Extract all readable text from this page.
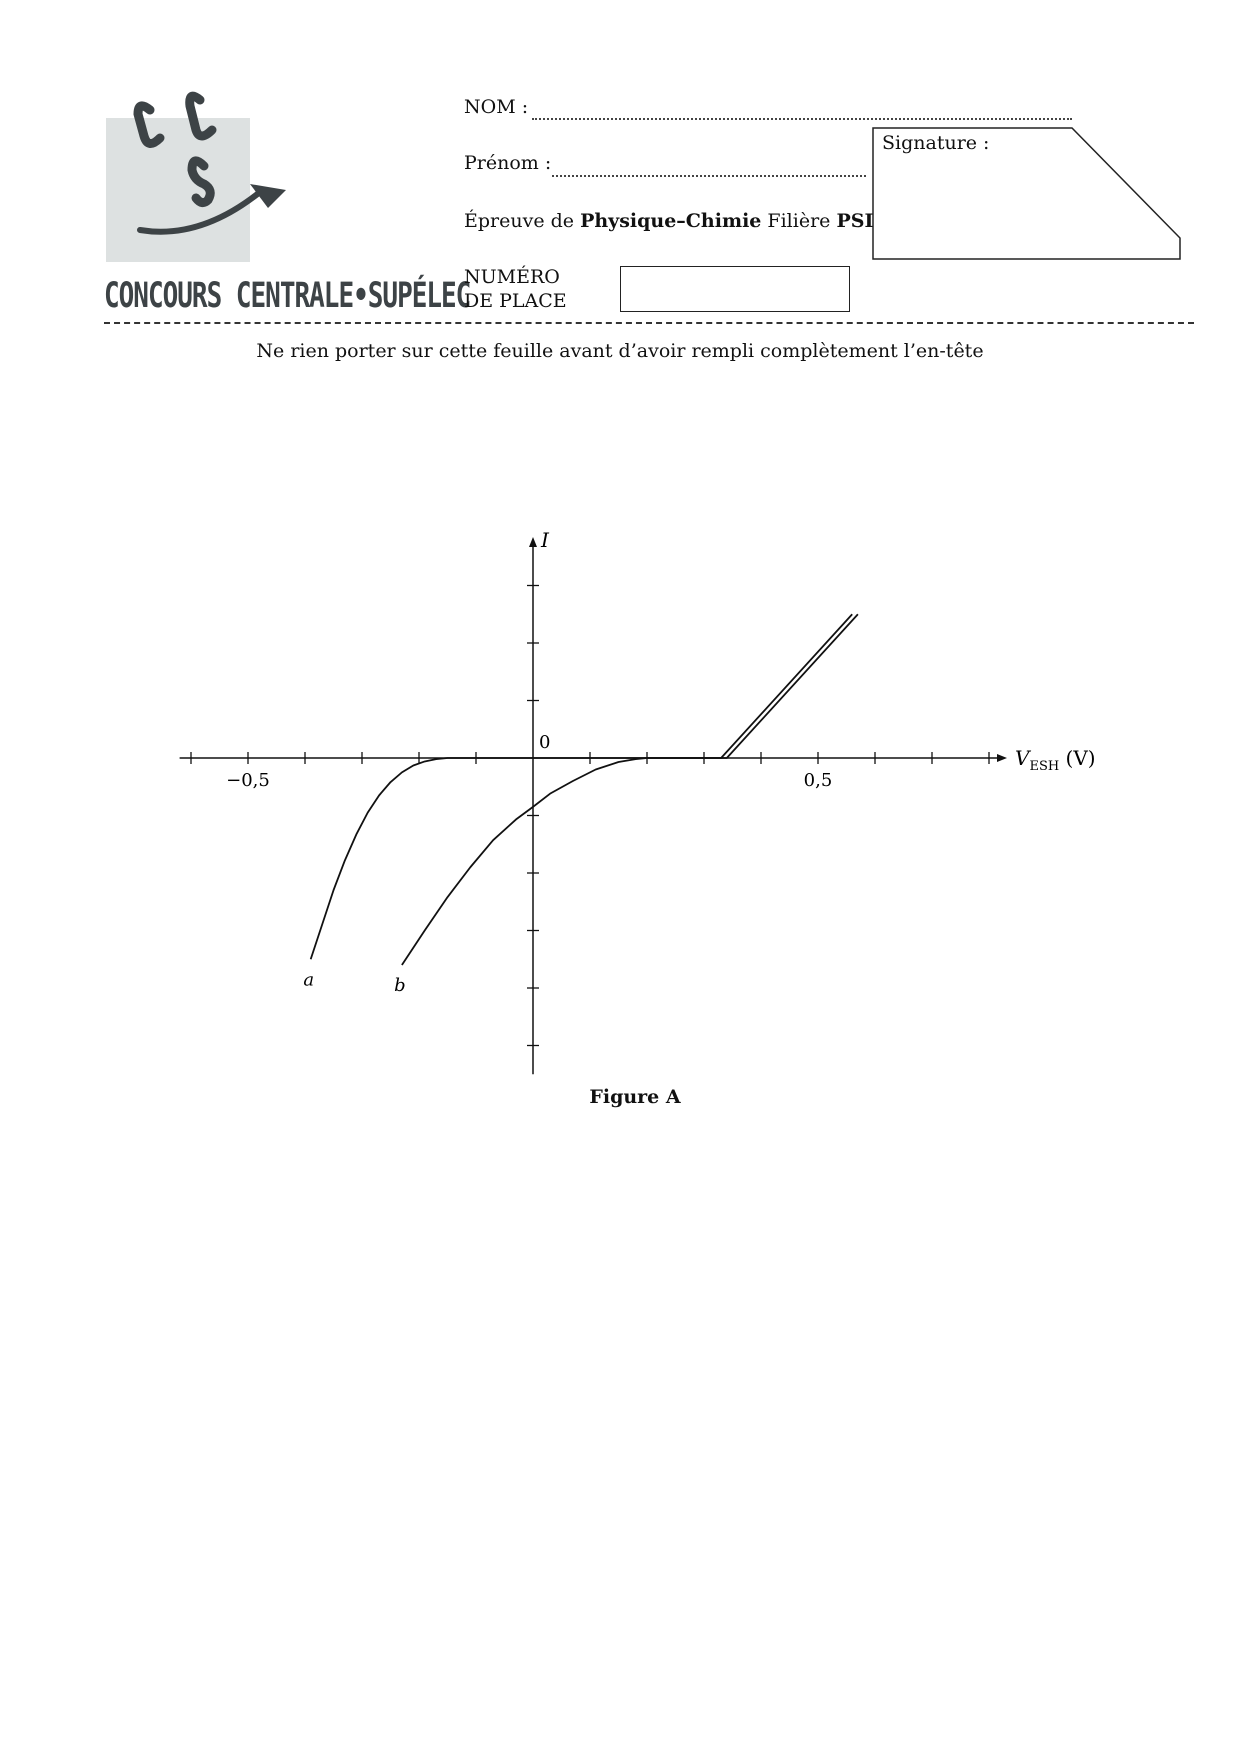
CONCOURS CENTRALE•SUPÉLEC
NOM :
Prénom :
Épreuve de Physique–Chimie Filière PSI
NUMÉRO
DE PLACE
Signature :
Ne rien porter sur cette feuille avant d’avoir rempli complètement l’en-tête
−0,5	0,5
a	b
I
$V_{ESH}$ (V)
0
Figure A
